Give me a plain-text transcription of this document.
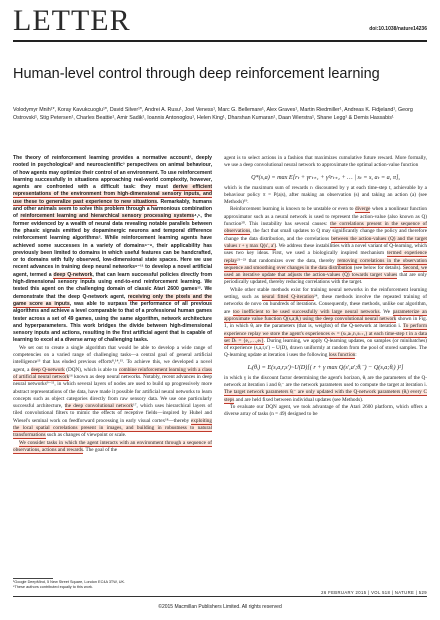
LETTER	doi:10.1038/nature14236
Human-level control through deep reinforcement learning
Volodymyr Mnih¹*, Koray Kavukcuoglu¹*, David Silver¹*, Andrei A. Rusu¹, Joel Veness¹, Marc G. Bellemare¹, Alex Graves¹, Martin Riedmiller¹, Andreas K. Fidjeland¹, Georg Ostrovski¹, Stig Petersen¹, Charles Beattie¹, Amir Sadik¹, Ioannis Antonoglou¹, Helen King¹, Dharshan Kumaran¹, Daan Wierstra¹, Shane Legg¹ & Demis Hassabis¹

The theory of reinforcement learning provides a normative account¹, deeply rooted in psychological² and neuroscientific³ perspectives on animal behaviour, of how agents may optimize their control of an environment. To use reinforcement learning successfully in situations approaching real-world complexity, however, agents are confronted with a difficult task: they must derive efficient representations of the environment from high-dimensional sensory inputs, and use these to generalize past experience to new situations. Remarkably, humans and other animals seem to solve this problem through a harmonious combination of reinforcement learning and hierarchical sensory processing systems⁴,⁵, the former evidenced by a wealth of neural data revealing notable parallels between the phasic signals emitted by dopaminergic neurons and temporal difference reinforcement learning algorithms³. While reinforcement learning agents have achieved some successes in a variety of domains⁶⁻⁸, their applicability has previously been limited to domains in which useful features can be handcrafted, or to domains with fully observed, low-dimensional state spaces. Here we use recent advances in training deep neural networks⁹⁻¹¹ to develop a novel artificial agent, termed a deep Q-network, that can learn successful policies directly from high-dimensional sensory inputs using end-to-end reinforcement learning. We tested this agent on the challenging domain of classic Atari 2600 games¹². We demonstrate that the deep Q-network agent, receiving only the pixels and the game score as inputs, was able to surpass the performance of all previous algorithms and achieve a level comparable to that of a professional human games tester across a set of 49 games, using the same algorithm, network architecture and hyperparameters. This work bridges the divide between high-dimensional sensory inputs and actions, resulting in the first artificial agent that is capable of learning to excel at a diverse array of challenging tasks.

We set out to create a single algorithm that would be able to develop a wide range of competencies on a varied range of challenging tasks—a central goal of general artificial intelligence¹³ that has eluded previous efforts⁸,¹⁴,¹⁵. To achieve this, we developed a novel agent, a deep Q-network (DQN), which is able to combine reinforcement learning with a class of artificial neural network¹⁶ known as deep neural networks. Notably, recent advances in deep neural networks⁹⁻¹¹, in which several layers of nodes are used to build up progressively more abstract representations of the data, have made it possible for artificial neural networks to learn concepts such as object categories directly from raw sensory data. We use one particularly successful architecture, the deep convolutional network¹⁷, which uses hierarchical layers of tiled convolutional filters to mimic the effects of receptive fields—inspired by Hubel and Wiesel's seminal work on feedforward processing in early visual cortex¹⁸—thereby exploiting the local spatial correlations present in images, and building in robustness to natural transformations such as changes of viewpoint or scale.

We consider tasks in which the agent interacts with an environment through a sequence of observations, actions and rewards. The goal of the

¹Google DeepMind, 5 New Street Square, London EC4A 3TW, UK.
*These authors contributed equally to this work.

agent is to select actions in a fashion that maximizes cumulative future reward. More formally, we use a deep convolutional neural network to approximate the optimal action-value function

Q*(s,a) = max E[rₜ + γrₜ₊₁ + γ²rₜ₊₂ + … | sₜ = s, aₜ = a, π],

which is the maximum sum of rewards rₜ discounted by γ at each time-step t, achievable by a behaviour policy π = P(a|s), after making an observation (s) and taking an action (a) (see Methods)¹⁹.

Reinforcement learning is known to be unstable or even to diverge when a nonlinear function approximator such as a neural network is used to represent the action-value (also known as Q) function²⁰. This instability has several causes: the correlations present in the sequence of observations, the fact that small updates to Q may significantly change the policy and therefore change the data distribution, and the correlations between the action-values (Q) and the target values r + γ max Q(s′, a′). We address these instabilities with a novel variant of Q-learning, which uses two key ideas. First, we used a biologically inspired mechanism termed experience replay²¹⁻²³ that randomizes over the data, thereby removing correlations in the observation sequence and smoothing over changes in the data distribution (see below for details). Second, we used an iterative update that adjusts the action-values (Q) towards target values that are only periodically updated, thereby reducing correlations with the target.

While other stable methods exist for training neural networks in the reinforcement learning setting, such as neural fitted Q-iteration²⁴, these methods involve the repeated training of networks de novo on hundreds of iterations. Consequently, these methods, unlike our algorithm, are too inefficient to be used successfully with large neural networks. We parameterize an approximate value function Q(s,a;θᵢ) using the deep convolutional neural network shown in Fig. 1, in which θᵢ are the parameters (that is, weights) of the Q-network at iteration i. To perform experience replay we store the agent's experiences eₜ = (sₜ,aₜ,rₜ,sₜ₊₁) at each time-step t in a data set Dₜ = {e₁,…,eₜ}. During learning, we apply Q-learning updates, on samples (or minibatches) of experience (s,a,r,s′) ~ U(D), drawn uniformly at random from the pool of stored samples. The Q-learning update at iteration i uses the following loss function:

Lᵢ(θᵢ) = E(s,a,r,s′)~U(D)[( r + γ max Q(s′,a′;θᵢ⁻) − Q(s,a;θᵢ) )²]

in which γ is the discount factor determining the agent's horizon, θᵢ are the parameters of the Q-network at iteration i and θᵢ⁻ are the network parameters used to compute the target at iteration i. The target network parameters θᵢ⁻ are only updated with the Q-network parameters (θᵢ) every C steps and are held fixed between individual updates (see Methods).

To evaluate our DQN agent, we took advantage of the Atari 2600 platform, which offers a diverse array of tasks (n = 49) designed to be

26 FEBRUARY 2015 | VOL 518 | NATURE | 529
©2015 Macmillan Publishers Limited. All rights reserved
